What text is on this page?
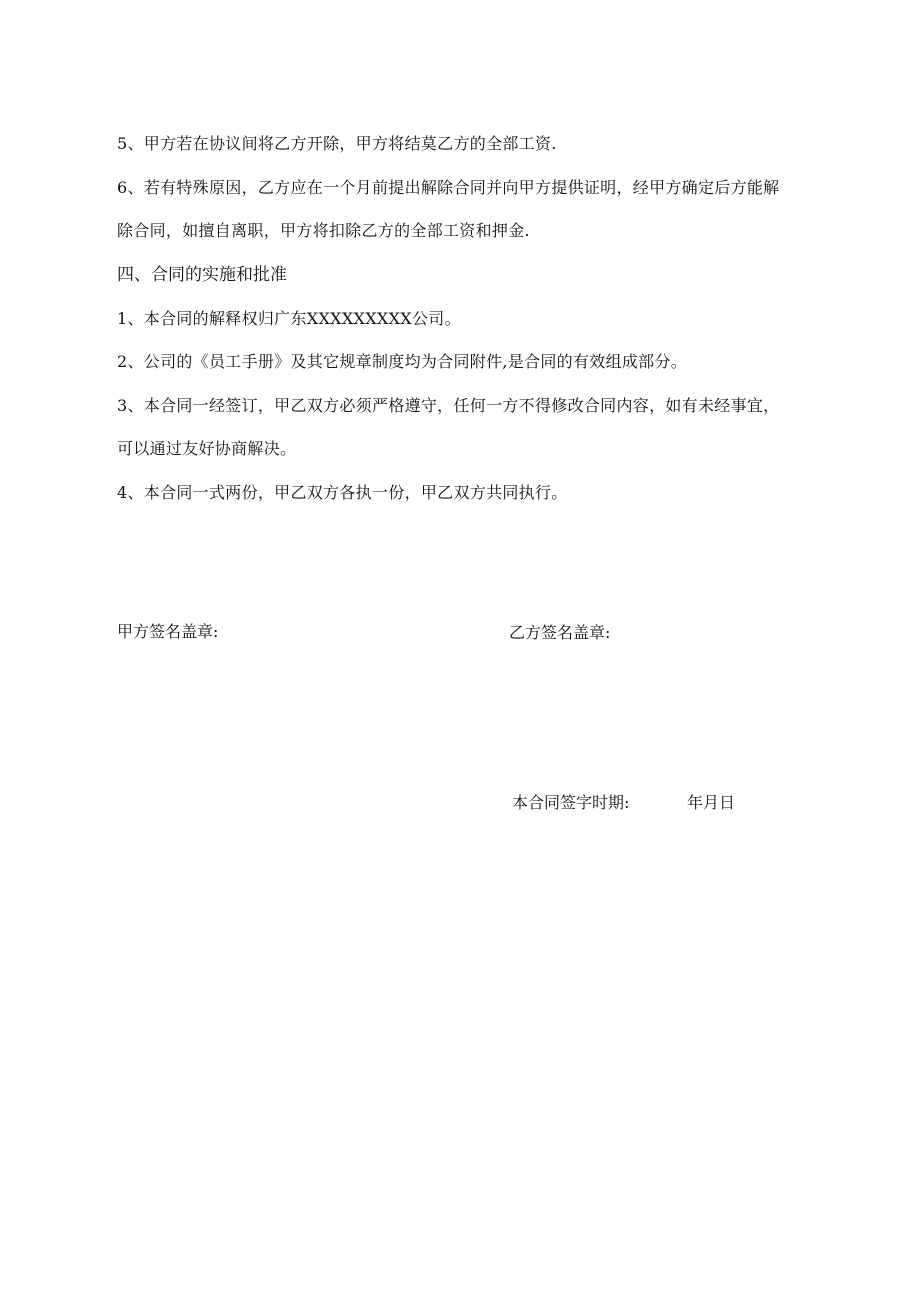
5、甲方若在协议间将乙方开除，甲方将结莫乙方的全部工资.
6、若有特殊原因，乙方应在一个月前提出解除合同并向甲方提供证明，经甲方确定后方能解
除合同，如擅自离职，甲方将扣除乙方的全部工资和押金.
四、合同的实施和批准
1、本合同的解释权归广东XXXXXXXXX公司。
2、公司的《员工手册》及其它规章制度均为合同附件,是合同的有效组成部分。
3、本合同一经签订，甲乙双方必须严格遵守，任何一方不得修改合同内容，如有未经事宜，
可以通过友好协商解决。
4、本合同一式两份，甲乙双方各执一份，甲乙双方共同执行。
甲方签名盖章:	乙方签名盖章:
本合同签字时期:	年月日
